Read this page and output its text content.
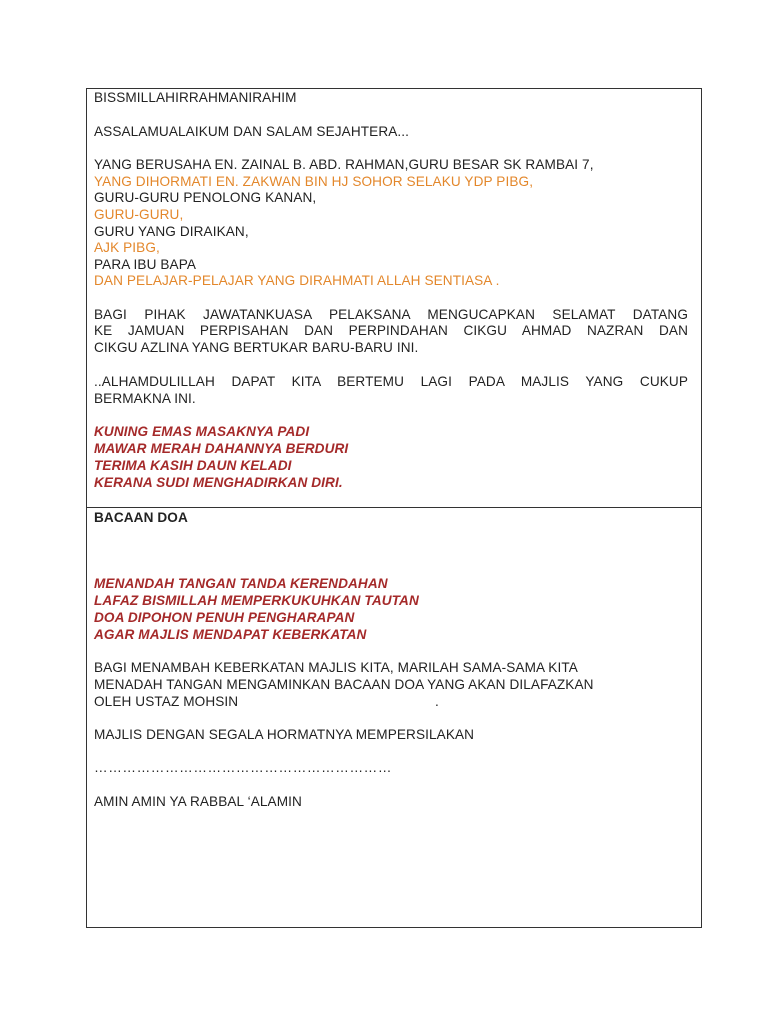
BISSMILLAHIRRAHMANIRAHIM
ASSALAMUALAIKUM DAN SALAM SEJAHTERA...
YANG BERUSAHA EN. ZAINAL B. ABD. RAHMAN,GURU BESAR SK RAMBAI 7,
YANG DIHORMATI EN. ZAKWAN BIN HJ SOHOR SELAKU YDP PIBG,
GURU-GURU PENOLONG KANAN,
GURU-GURU,
GURU YANG DIRAIKAN,
AJK PIBG,
PARA IBU BAPA
DAN PELAJAR-PELAJAR YANG DIRAHMATI ALLAH SENTIASA .
BAGI PIHAK JAWATANKUASA PELAKSANA MENGUCAPKAN SELAMAT DATANG
KE JAMUAN PERPISAHAN DAN PERPINDAHAN CIKGU AHMAD NAZRAN DAN
CIKGU AZLINA YANG BERTUKAR BARU-BARU INI.
..ALHAMDULILLAH DAPAT KITA BERTEMU LAGI PADA MAJLIS YANG CUKUP
BERMAKNA INI.
KUNING EMAS MASAKNYA PADI
MAWAR MERAH DAHANNYA BERDURI
TERIMA KASIH DAUN KELADI
KERANA SUDI MENGHADIRKAN DIRI.
BACAAN DOA
MENANDAH TANGAN TANDA KERENDAHAN
LAFAZ BISMILLAH MEMPERKUKUHKAN TAUTAN
DOA DIPOHON PENUH PENGHARAPAN
AGAR MAJLIS MENDAPAT KEBERKATAN
BAGI MENAMBAH KEBERKATAN MAJLIS KITA, MARILAH SAMA-SAMA KITA
MENADAH TANGAN MENGAMINKAN BACAAN DOA YANG AKAN DILAFAZKAN
OLEH USTAZ MOHSIN	.
MAJLIS DENGAN SEGALA HORMATNYA MEMPERSILAKAN
………………………………………………………
AMIN AMIN YA RABBAL ‘ALAMIN
